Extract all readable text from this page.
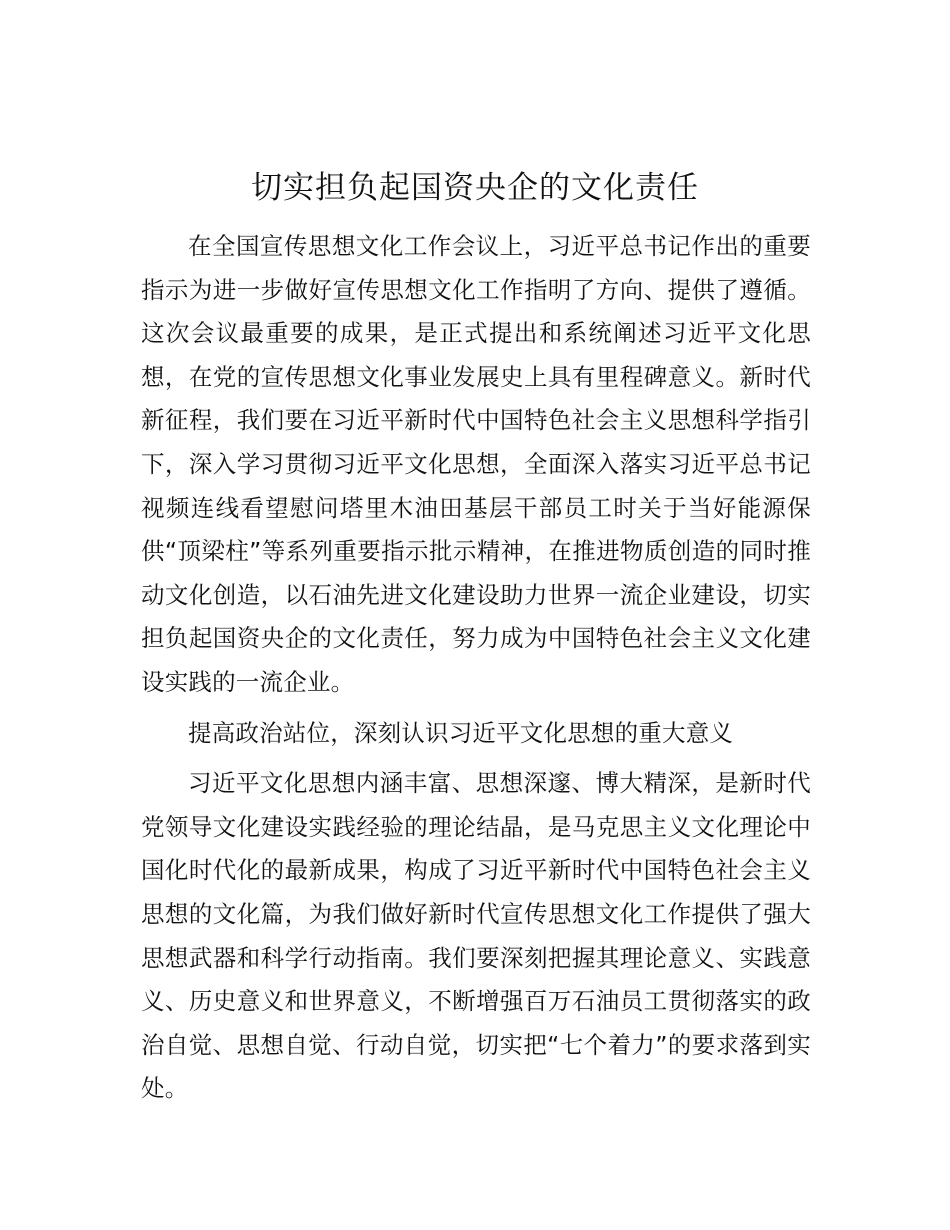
切实担负起国资央企的文化责任

在全国宣传思想文化工作会议上，习近平总书记作出的重要指示为进一步做好宣传思想文化工作指明了方向、提供了遵循。这次会议最重要的成果，是正式提出和系统阐述习近平文化思想，在党的宣传思想文化事业发展史上具有里程碑意义。新时代新征程，我们要在习近平新时代中国特色社会主义思想科学指引下，深入学习贯彻习近平文化思想，全面深入落实习近平总书记视频连线看望慰问塔里木油田基层干部员工时关于当好能源保供“顶梁柱”等系列重要指示批示精神，在推进物质创造的同时推动文化创造，以石油先进文化建设助力世界一流企业建设，切实担负起国资央企的文化责任，努力成为中国特色社会主义文化建设实践的一流企业。

提高政治站位，深刻认识习近平文化思想的重大意义

习近平文化思想内涵丰富、思想深邃、博大精深，是新时代党领导文化建设实践经验的理论结晶，是马克思主义文化理论中国化时代化的最新成果，构成了习近平新时代中国特色社会主义思想的文化篇，为我们做好新时代宣传思想文化工作提供了强大思想武器和科学行动指南。我们要深刻把握其理论意义、实践意义、历史意义和世界意义，不断增强百万石油员工贯彻落实的政治自觉、思想自觉、行动自觉，切实把“七个着力”的要求落到实处。
